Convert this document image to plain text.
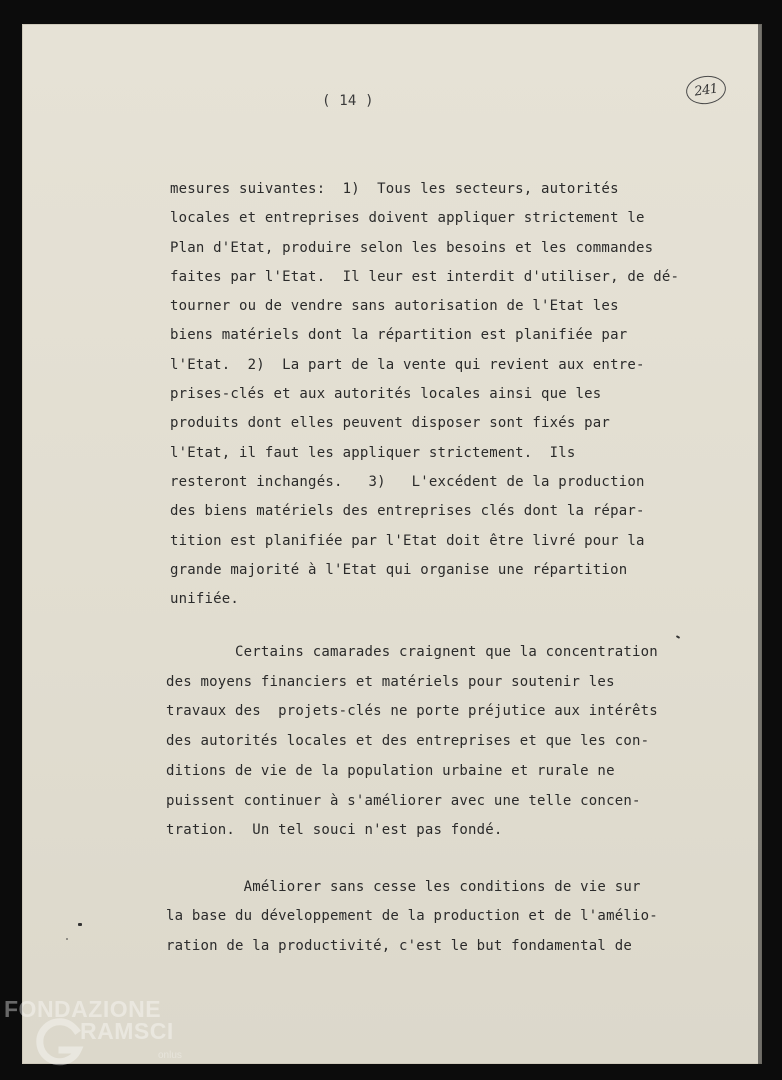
( 14 )

241

mesures suivantes:  1)  Tous les secteurs, autorités
locales et entreprises doivent appliquer strictement le
Plan d'Etat, produire selon les besoins et les commandes
faites par l'Etat.  Il leur est interdit d'utiliser, de dé-
tourner ou de vendre sans autorisation de l'Etat les
biens matériels dont la répartition est planifiée par
l'Etat.  2)  La part de la vente qui revient aux entre-
prises-clés et aux autorités locales ainsi que les
produits dont elles peuvent disposer sont fixés par
l'Etat, il faut les appliquer strictement.  Ils
resteront inchangés.   3)   L'excédent de la production
des biens matériels des entreprises clés dont la répar-
tition est planifiée par l'Etat doit être livré pour la
grande majorité à l'Etat qui organise une répartition
unifiée.

Certains camarades craignent que la concentration
des moyens financiers et matériels pour soutenir les
travaux des  projets-clés ne porte préjutice aux intérêts
des autorités locales et des entreprises et que les con-
ditions de vie de la population urbaine et rurale ne
puissent continuer à s'améliorer avec une telle concen-
tration.  Un tel souci n'est pas fondé.

Améliorer sans cesse les conditions de vie sur
la base du développement de la production et de l'amélio-
ration de la productivité, c'est le but fondamental de

FONDAZIONE
RAMSCI
onlus
